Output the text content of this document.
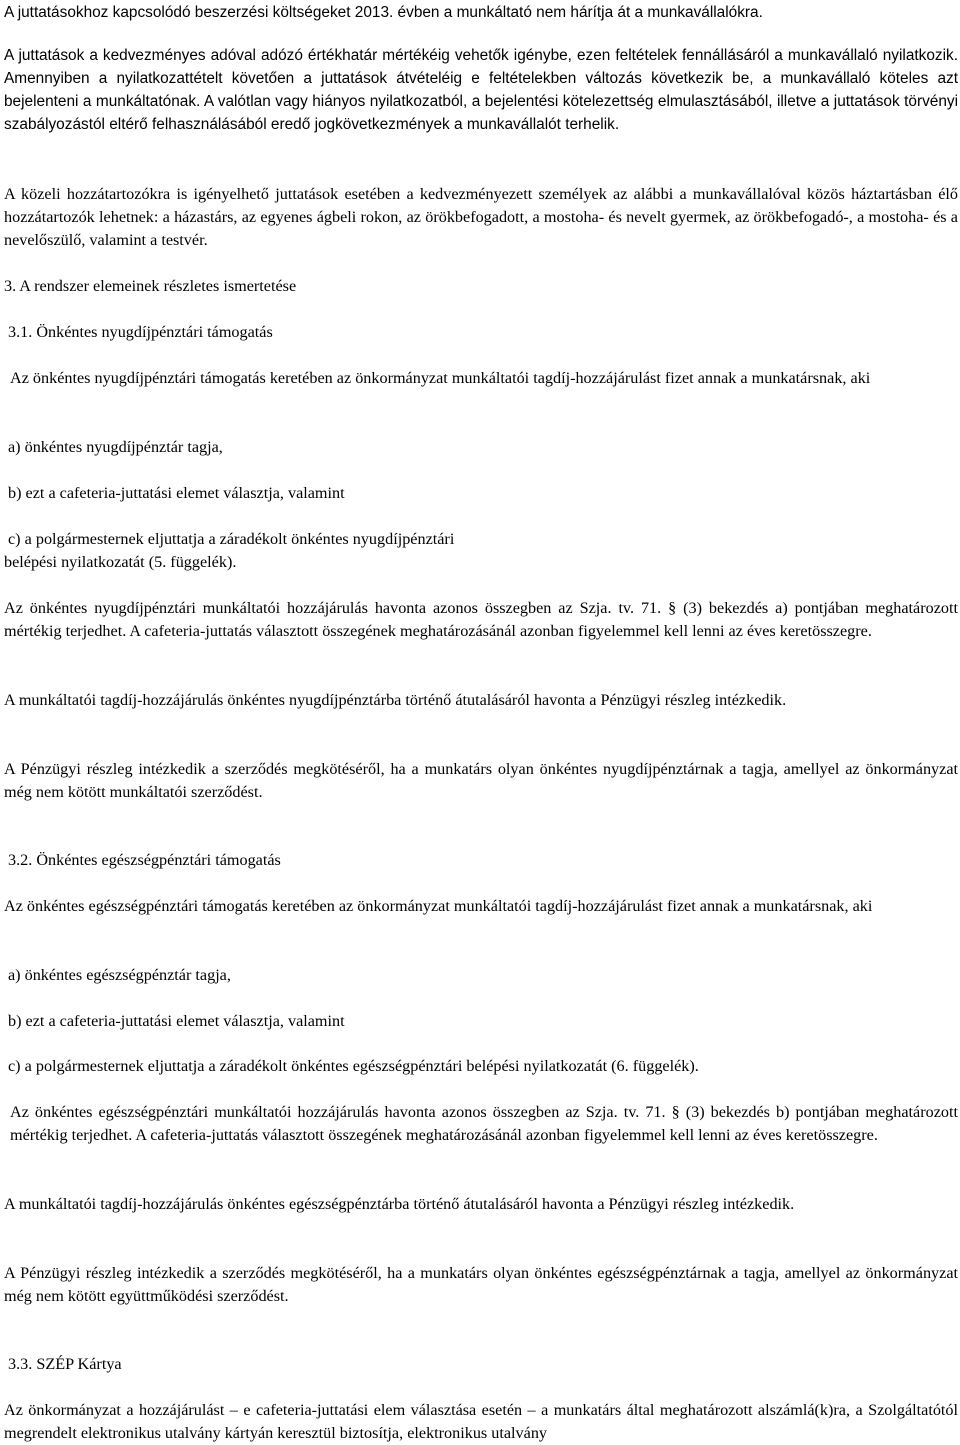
A juttatásokhoz kapcsolódó beszerzési költségeket 2013. évben a munkáltató nem hárítja át a munkavállalókra.

A juttatások a kedvezményes adóval adózó értékhatár mértékéig vehetők igénybe, ezen feltételek fennállásáról a munkavállaló nyilatkozik. Amennyiben a nyilatkozattételt követően a juttatások átvételéig e feltételekben változás következik be, a munkavállaló köteles azt bejelenteni a munkáltatónak. A valótlan vagy hiányos nyilatkozatból, a bejelentési kötelezettség elmulasztásából, illetve a juttatások törvényi szabályozástól eltérő felhasználásából eredő jogkövetkezmények a munkavállalót terhelik.

A közeli hozzátartozókra is igényelhető juttatások esetében a kedvezményezett személyek az alábbi a munkavállalóval közös háztartásban élő hozzátartozók lehetnek: a házastárs, az egyenes ágbeli rokon, az örökbefogadott, a mostoha- és nevelt gyermek, az örökbefogadó-, a mostoha- és a nevelőszülő, valamint a testvér.

3. A rendszer elemeinek részletes ismertetése

3.1. Önkéntes nyugdíjpénztári támogatás

Az önkéntes nyugdíjpénztári támogatás keretében az önkormányzat munkáltatói tagdíj-hozzájárulást fizet annak a munkatársnak, aki

a) önkéntes nyugdíjpénztár tagja,

b) ezt a cafeteria-juttatási elemet választja, valamint

c) a polgármesternek eljuttatja a záradékolt önkéntes nyugdíjpénztári

belépési nyilatkozatát (5. függelék).

Az önkéntes nyugdíjpénztári munkáltatói hozzájárulás havonta azonos összegben az Szja. tv. 71. § (3) bekezdés a) pontjában meghatározott mértékig terjedhet. A cafeteria-juttatás választott összegének meghatározásánál azonban figyelemmel kell lenni az éves keretösszegre.

A munkáltatói tagdíj-hozzájárulás önkéntes nyugdíjpénztárba történő átutalásáról havonta a Pénzügyi részleg intézkedik.

A Pénzügyi részleg intézkedik a szerződés megkötéséről, ha a munkatárs olyan önkéntes nyugdíjpénztárnak a tagja, amellyel az önkormányzat még nem kötött munkáltatói szerződést.

3.2. Önkéntes egészségpénztári támogatás

Az önkéntes egészségpénztári támogatás keretében az önkormányzat munkáltatói tagdíj-hozzájárulást fizet annak a munkatársnak, aki

a) önkéntes egészségpénztár tagja,

b) ezt a cafeteria-juttatási elemet választja, valamint

c) a polgármesternek eljuttatja a záradékolt önkéntes egészségpénztári belépési nyilatkozatát (6. függelék).

Az önkéntes egészségpénztári munkáltatói hozzájárulás havonta azonos összegben az Szja. tv. 71. § (3) bekezdés b) pontjában meghatározott mértékig terjedhet. A cafeteria-juttatás választott összegének meghatározásánál azonban figyelemmel kell lenni az éves keretösszegre.

A munkáltatói tagdíj-hozzájárulás önkéntes egészségpénztárba történő átutalásáról havonta a Pénzügyi részleg intézkedik.

A Pénzügyi részleg intézkedik a szerződés megkötéséről, ha a munkatárs olyan önkéntes egészségpénztárnak a tagja, amellyel az önkormányzat még nem kötött együttműködési szerződést.

3.3. SZÉP Kártya

Az önkormányzat a hozzájárulást – e cafeteria-juttatási elem választása esetén – a munkatárs által meghatározott alszámlá(k)ra, a Szolgáltatótól megrendelt elektronikus utalvány kártyán keresztül biztosítja, elektronikus utalvány
